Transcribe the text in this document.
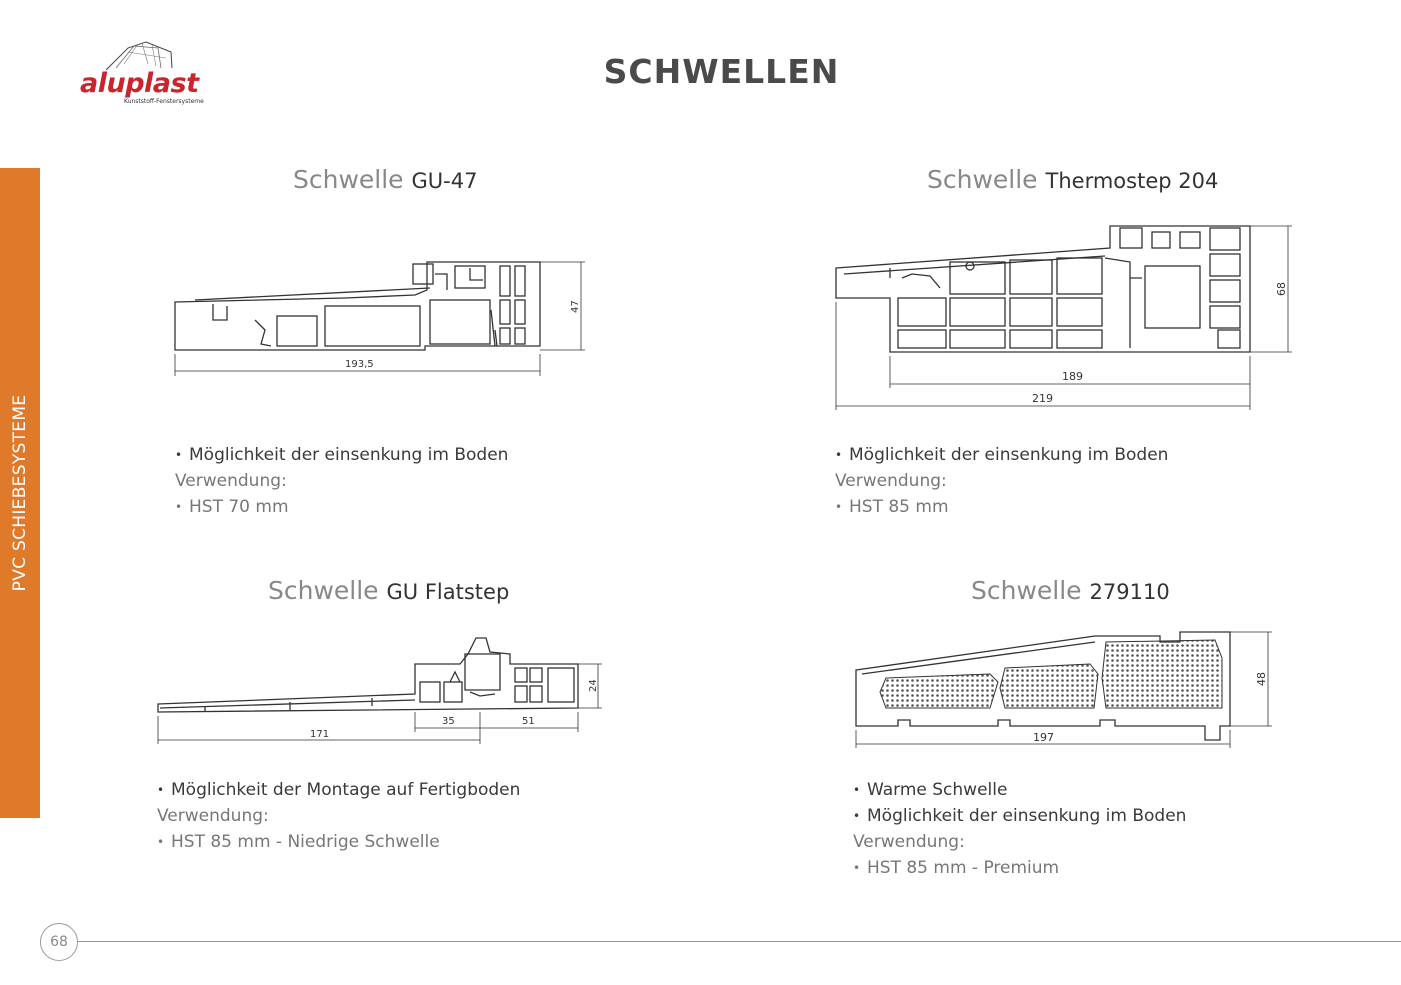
PVC SCHIEBESYSTEME
aluplast
Kunststoff-Fenstersysteme
SCHWELLEN
Schwelle GU-47
193,5
47
• Möglichkeit der einsenkung im Boden
Verwendung:
• HST 70 mm
Schwelle Thermostep 204
189
219
68
• Möglichkeit der einsenkung im Boden
Verwendung:
• HST 85 mm
Schwelle GU Flatstep
35	51
171
24
• Möglichkeit der Montage auf Fertigboden
Verwendung:
• HST 85 mm - Niedrige Schwelle
Schwelle 279110
197
48
• Warme Schwelle
• Möglichkeit der einsenkung im Boden
Verwendung:
• HST 85 mm - Premium
68
